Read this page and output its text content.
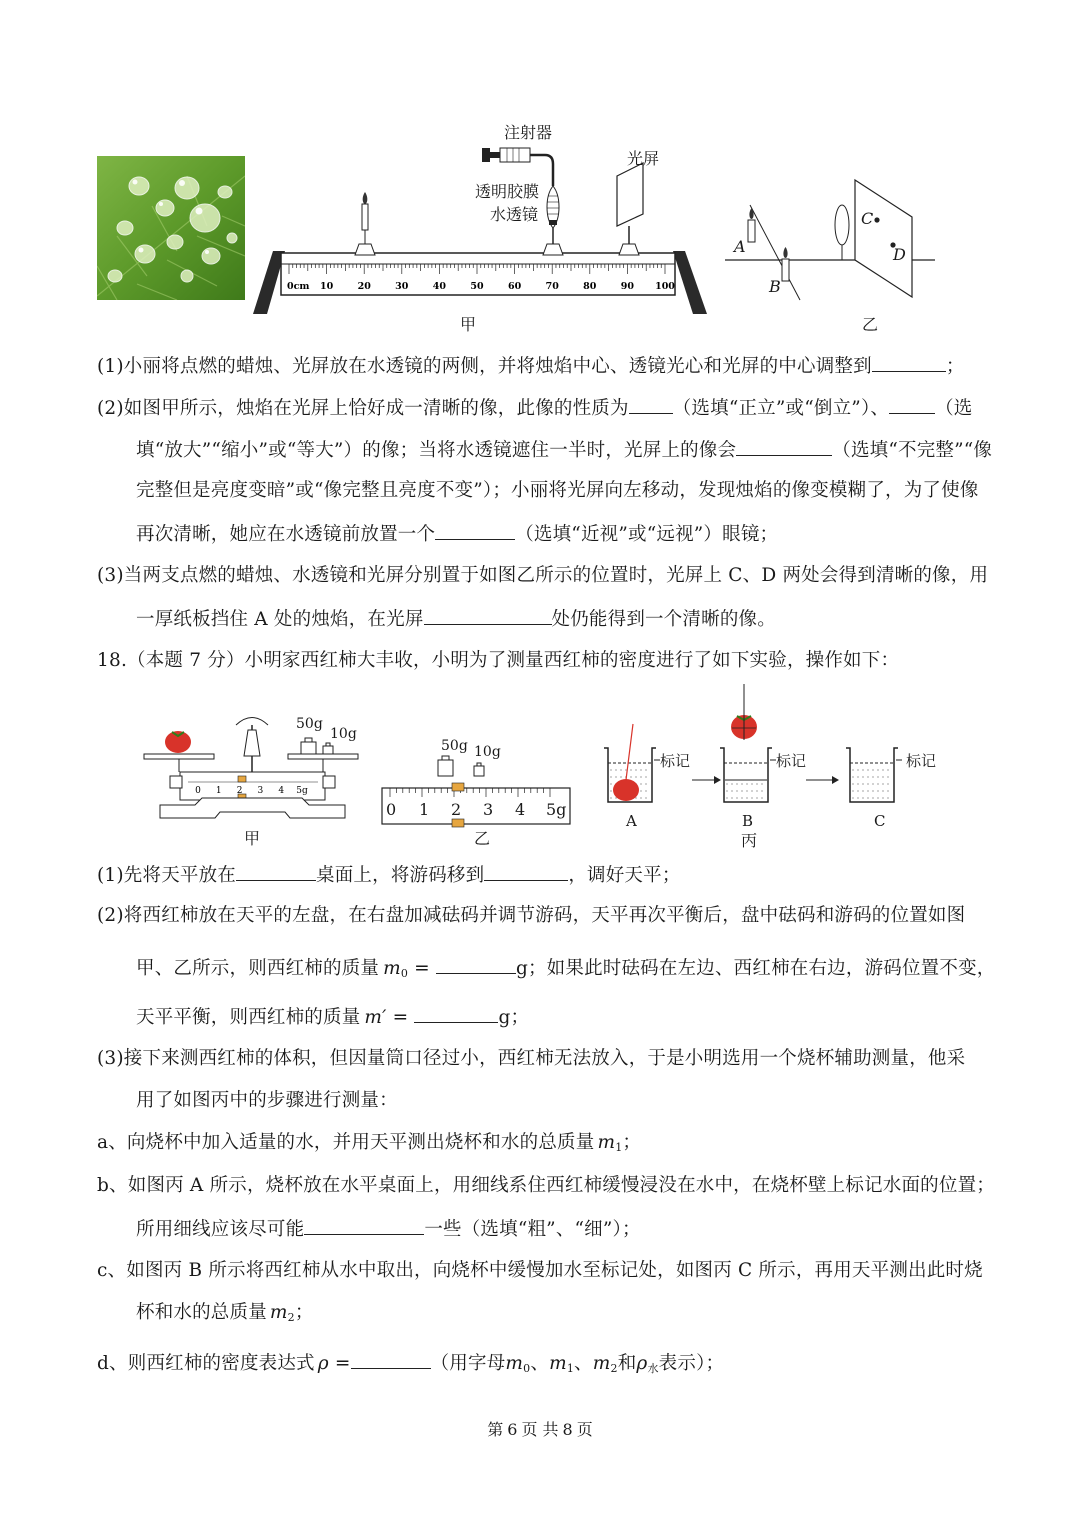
0cm 10	20	30	40	50	60	70	80	90 100
注射器
光屏
透明胶膜
水透镜
甲
A
B
C
D
乙
(1)小丽将点燃的蜡烛、光屏放在水透镜的两侧，并将烛焰中心、透镜光心和光屏的中心调整到	；
(2)如图甲所示，烛焰在光屏上恰好成一清晰的像，此像的性质为 （选填“正立”或“倒立”）、 （选
填“放大”“缩小”或“等大”）的像；当将水透镜遮住一半时，光屏上的像会	（选填“不完整”“像
完整但是亮度变暗”或“像完整且亮度不变”）；小丽将光屏向左移动，发现烛焰的像变模糊了，为了使像
再次清晰，她应在水透镜前放置一个	（选填“近视”或“远视”）眼镜；
(3)当两支点燃的蜡烛、水透镜和光屏分别置于如图乙所示的位置时，光屏上 C、D 两处会得到清晰的像，用
一厚纸板挡住 A 处的烛焰，在光屏	处仍能得到一个清晰的像。
18.（本题 7 分）小明家西红柿大丰收，小明为了测量西红柿的密度进行了如下实验，操作如下：
0 1 2 3 4 5g
50g
10g
甲
50g 10g
0 1 2 3 4 5g
乙
标记	标记	标记
A	B	C
丙
(1)先将天平放在	桌面上，将游码移到	，调好天平；
(2)将西红柿放在天平的左盘，在右盘加减砝码并调节游码，天平再次平衡后，盘中砝码和游码的位置如图
甲、乙所示，则西红柿的质量 $m_0$ =	g；如果此时砝码在左边、西红柿在右边，游码位置不变，
天平平衡，则西红柿的质量 m′ =	g；
(3)接下来测西红柿的体积，但因量筒口径过小，西红柿无法放入，于是小明选用一个烧杯辅助测量，他采
用了如图丙中的步骤进行测量：
a、向烧杯中加入适量的水，并用天平测出烧杯和水的总质量 $m_1$；
b、如图丙 A 所示，烧杯放在水平桌面上，用细线系住西红柿缓慢浸没在水中，在烧杯壁上标记水面的位置；
所用细线应该尽可能	一些（选填“粗”、“细”）；
c、如图丙 B 所示将西红柿从水中取出，向烧杯中缓慢加水至标记处，如图丙 C 所示，再用天平测出此时烧
杯和水的总质量 $m_2$；
d、则西红柿的密度表达式 ρ =	（用字母$m_0$、$m_1$、$m_2$和$\rho_水$表示）；
第 6 页 共 8 页
